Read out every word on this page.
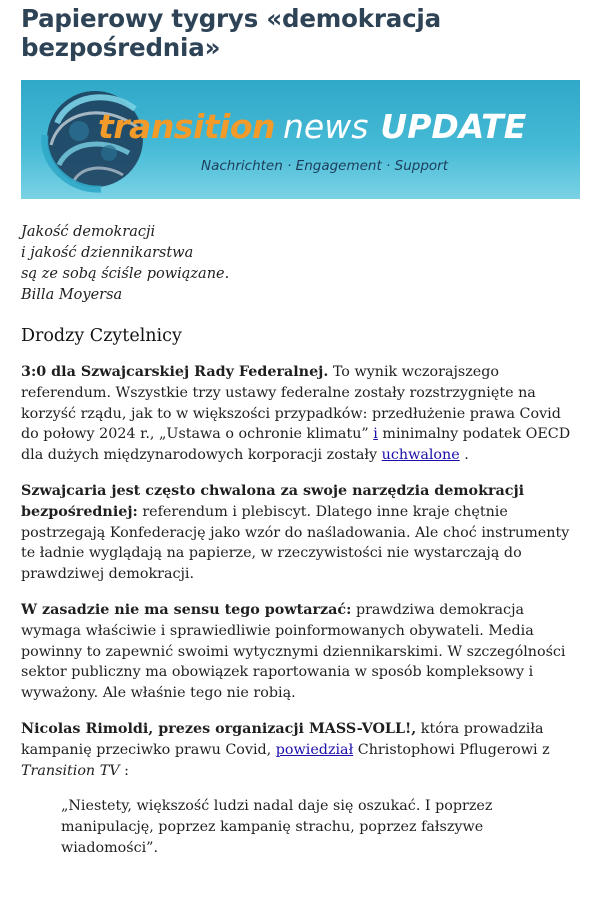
Papierowy tygrys «demokracja
bezpośrednia»
transition news UPDATE
Nachrichten · Engagement · Support
Jakość demokracji
i jakość dziennikarstwa
są ze sobą ściśle powiązane.
Billa Moyersa
Drodzy Czytelnicy

3:0 dla Szwajcarskiej Rady Federalnej. To wynik wczorajszego referendum. Wszystkie trzy ustawy federalne zostały rozstrzygnięte na korzyść rządu, jak to w większości przypadków: przedłużenie prawa Covid do połowy 2024 r., „Ustawa o ochronie klimatu” i minimalny podatek OECD dla dużych międzynarodowych korporacji zostały uchwalone .

Szwajcaria jest często chwalona za swoje narzędzia demokracji bezpośredniej: referendum i plebiscyt. Dlatego inne kraje chętnie postrzegają Konfederację jako wzór do naśladowania. Ale choć instrumenty te ładnie wyglądają na papierze, w rzeczywistości nie wystarczają do prawdziwej demokracji.

W zasadzie nie ma sensu tego powtarzać: prawdziwa demokracja wymaga właściwie i sprawiedliwie poinformowanych obywateli. Media powinny to zapewnić swoimi wytycznymi dziennikarskimi. W szczególności sektor publiczny ma obowiązek raportowania w sposób kompleksowy i wyważony. Ale właśnie tego nie robią.

Nicolas Rimoldi, prezes organizacji MASS-VOLL!, która prowadziła kampanię przeciwko prawu Covid, powiedział Christophowi Pflugerowi z Transition TV :

„Niestety, większość ludzi nadal daje się oszukać. I poprzez manipulację, poprzez kampanię strachu, poprzez fałszywe wiadomości”.
